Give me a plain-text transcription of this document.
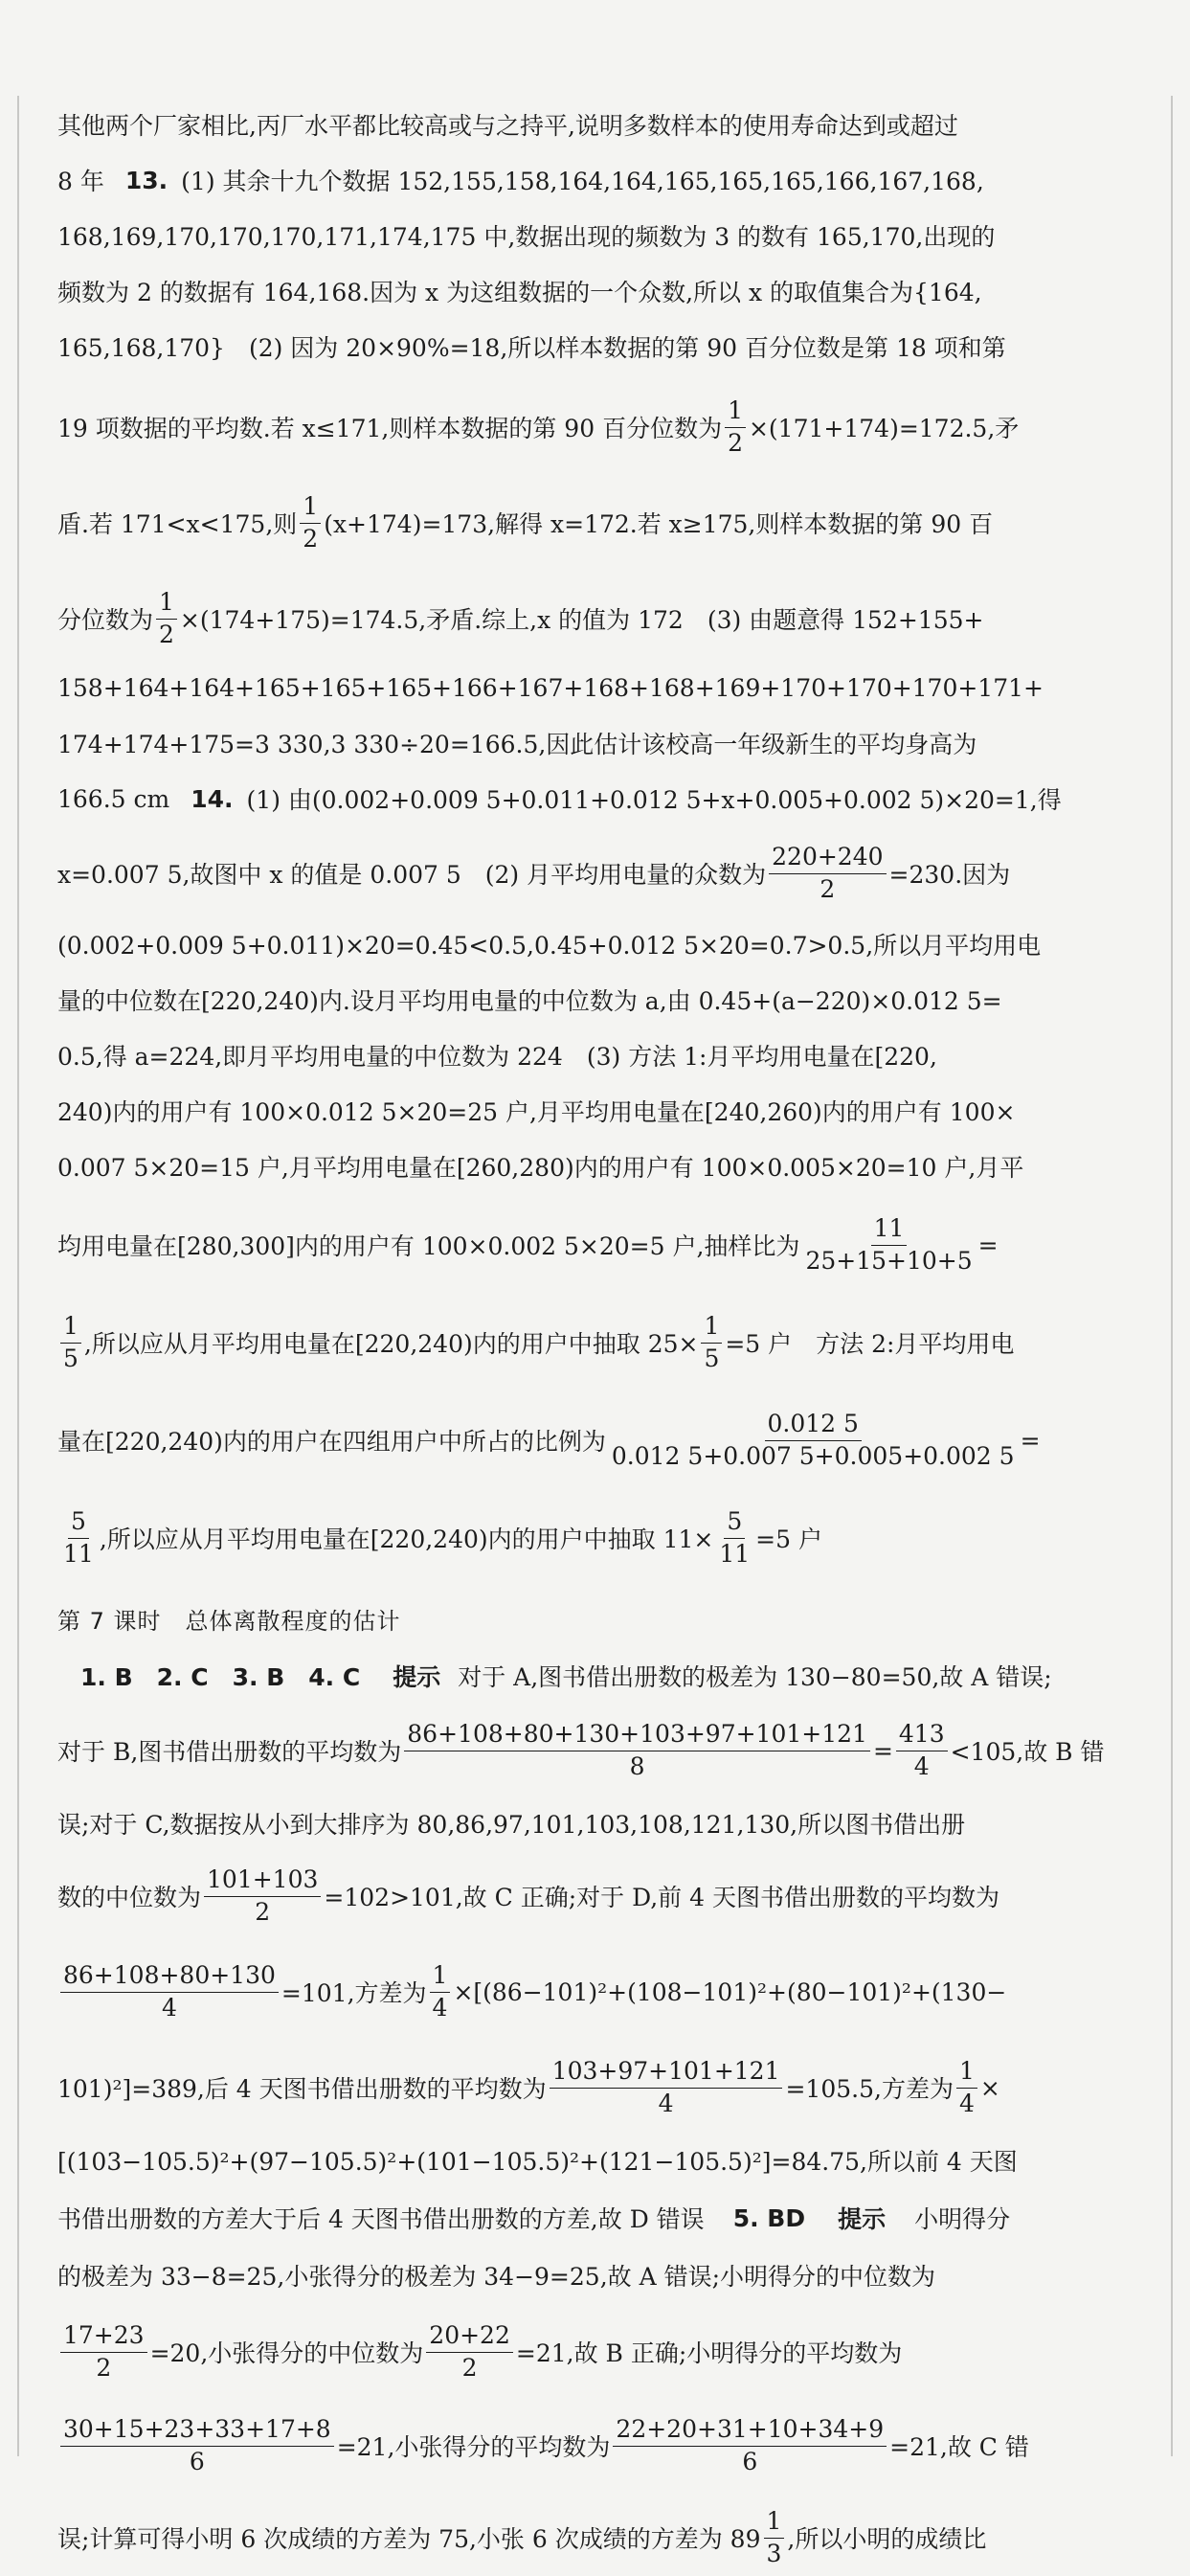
其他两个厂家相比,丙厂水平都比较高或与之持平,说明多数样本的使用寿命达到或超过
8 年 13. (1) 其余十九个数据 152,155,158,164,164,165,165,165,166,167,168,
168,169,170,170,170,171,174,175 中,数据出现的频数为 3 的数有 165,170,出现的
频数为 2 的数据有 164,168.因为 x 为这组数据的一个众数,所以 x 的取值集合为{164,
165,168,170}　(2) 因为 20×90%=18,所以样本数据的第 90 百分位数是第 18 项和第
19 项数据的平均数.若 x≤171,则样本数据的第 90 百分位数为 $\frac{1}{2} \times(171+174)=172.5$,矛
盾.若 171<x<175,则 $\frac{1}{2} (x+174)=173$,解得 x=172.若 x≥175,则样本数据的第 90 百
分位数为 $\frac{1}{2} \times(174+175)=174.5$,矛盾.综上,x 的值为 172　(3) 由题意得 152+155+
158+164+164+165+165+165+166+167+168+168+169+170+170+170+171+
174+174+175=3 330,3 330÷20=166.5,因此估计该校高一年级新生的平均身高为
166.5 cm 14. (1) 由(0.002+0.009 5+0.011+0.012 5+x+0.005+0.002 5)×20=1,得
x=0.007 5,故图中 x 的值是 0.007 5　(2) 月平均用电量的众数为 $\frac{220+240}{2} =230$.因为
(0.002+0.009 5+0.011)×20=0.45<0.5,0.45+0.012 5×20=0.7>0.5,所以月平均用电
量的中位数在[220,240)内.设月平均用电量的中位数为 a,由 0.45+(a−220)×0.012 5=
0.5,得 a=224,即月平均用电量的中位数为 224　(3) 方法 1:月平均用电量在[220,
240)内的用户有 100×0.012 5×20=25 户,月平均用电量在[240,260)内的用户有 100×
0.007 5×20=15 户,月平均用电量在[260,280)内的用户有 100×0.005×20=10 户,月平
均用电量在[280,300]内的用户有 100×0.002 5×20=5 户,抽样比为 $\frac{11}{25+15+10+5}$ =
$\frac{1}{5}$ ,所以应从月平均用电量在[220,240)内的用户中抽取 $25\times \frac{1}{5} =5$ 户　方法 2:月平均用电
量在[220,240)内的用户在四组用户中所占的比例为 $\frac{0.012 5}{0.012 5+0.007 5+0.005+0.002 5}$ =
$\frac{5}{11}$ ,所以应从月平均用电量在[220,240)内的用户中抽取 $11\times \frac{5}{11} =5$ 户
第 7 课时　总体离散程度的估计
1. B　2. C　3. B　4. C 提示 对于 A,图书借出册数的极差为 130−80=50,故 A 错误;
对于 B,图书借出册数的平均数为 $\frac{86+108+80+130+103+97+101+121}{8} = \frac{413}{4} <105$,故 B 错
误;对于 C,数据按从小到大排序为 80,86,97,101,103,108,121,130,所以图书借出册
数的中位数为 $\frac{101+103}{2} =102>101$,故 C 正确;对于 D,前 4 天图书借出册数的平均数为
$\frac{86+108+80+130}{4} =101$,方差为 $\frac{1}{4} \times[(86-101)^2+(108-101)^2+(80-101)^2+(130-$
101)²]=389,后 4 天图书借出册数的平均数为 $\frac{103+97+101+121}{4} =105.5$,方差为 $\frac{1}{4}$ ×
[(103−105.5)²+(97−105.5)²+(101−105.5)²+(121−105.5)²]=84.75,所以前 4 天图
书借出册数的方差大于后 4 天图书借出册数的方差,故 D 错误 5. BD 提示 小明得分
的极差为 33−8=25,小张得分的极差为 34−9=25,故 A 错误;小明得分的中位数为
$\frac{17+23}{2} =20$,小张得分的中位数为 $\frac{20+22}{2} =21$,故 B 正确;小明得分的平均数为
$\frac{30+15+23+33+17+8}{6} =21$,小张得分的平均数为 $\frac{22+20+31+10+34+9}{6} =21$,故 C 错
误;计算可得小明 6 次成绩的方差为 75,小张 6 次成绩的方差为 $89 \frac{1}{3}$ ,所以小明的成绩比
